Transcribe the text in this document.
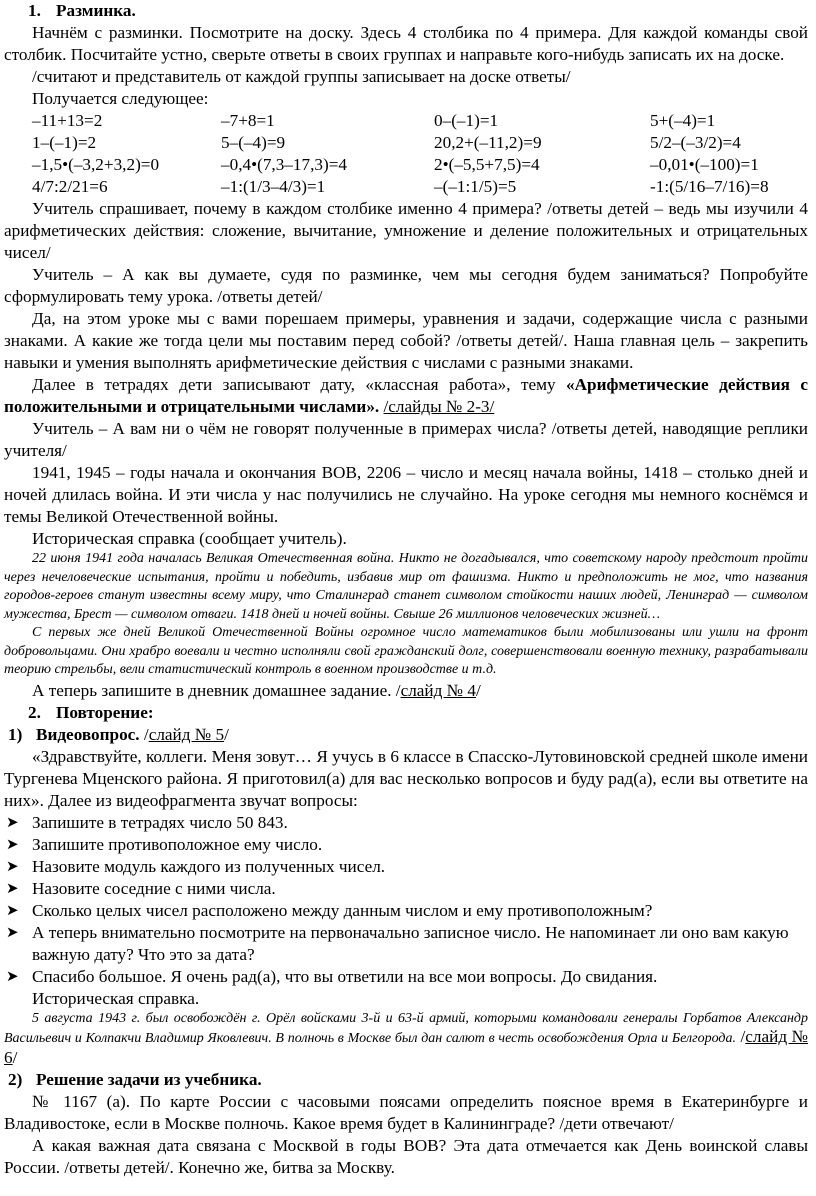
1. Разминка.

Начнём с разминки. Посмотрите на доску. Здесь 4 столбика по 4 примера. Для каждой команды свой столбик. Посчитайте устно, сверьте ответы в своих группах и направьте кого-нибудь записать их на доске.

/считают и представитель от каждой группы записывает на доске ответы/

Получается следующее:

–11+13=2	–7+8=1	0–(–1)=1	5+(–4)=1
1–(–1)=2	5–(–4)=9	20,2+(–11,2)=9	5/2–(–3/2)=4
–1,5•(–3,2+3,2)=0	–0,4•(7,3–17,3)=4	2•(–5,5+7,5)=4	–0,01•(–100)=1
4/7:2/21=6	–1:(1/3–4/3)=1	–(–1:1/5)=5	-1:(5/16–7/16)=8

Учитель спрашивает, почему в каждом столбике именно 4 примера? /ответы детей – ведь мы изучили 4 арифметических действия: сложение, вычитание, умножение и деление положительных и отрицательных чисел/

Учитель – А как вы думаете, судя по разминке, чем мы сегодня будем заниматься? Попробуйте сформулировать тему урока. /ответы детей/

Да, на этом уроке мы с вами порешаем примеры, уравнения и задачи, содержащие числа с разными знаками. А какие же тогда цели мы поставим перед собой? /ответы детей/. Наша главная цель – закрепить навыки и умения выполнять арифметические действия с числами с разными знаками.

Далее в тетрадях дети записывают дату, «классная работа», тему «Арифметические действия с положительными и отрицательными числами». /слайды № 2-3/

Учитель – А вам ни о чём не говорят полученные в примерах числа? /ответы детей, наводящие реплики учителя/

1941, 1945 – годы начала и окончания ВОВ, 2206 – число и месяц начала войны, 1418 – столько дней и ночей длилась война. И эти числа у нас получились не случайно. На уроке сегодня мы немного коснёмся и темы Великой Отечественной войны.

Историческая справка (сообщает учитель).

22 июня 1941 года началась Великая Отечественная война. Никто не догадывался, что советскому народу предстоит пройти через нечеловеческие испытания, пройти и победить, избавив мир от фашизма. Никто и предположить не мог, что названия городов-героев станут известны всему миру, что Сталинград станет символом стойкости наших людей, Ленинград — символом мужества, Брест — символом отваги. 1418 дней и ночей войны. Свыше 26 миллионов человеческих жизней…

С первых же дней Великой Отечественной Войны огромное число математиков были мобилизованы или ушли на фронт добровольцами. Они храбро воевали и честно исполняли свой гражданский долг, совершенствовали военную технику, разрабатывали теорию стрельбы, вели статистический контроль в военном производстве и т.д.

А теперь запишите в дневник домашнее задание. /слайд № 4/

2. Повторение:

1) Видеовопрос. /слайд № 5/

«Здравствуйте, коллеги. Меня зовут… Я учусь в 6 классе в Спасско-Лутовиновской средней школе имени Тургенева Мценского района. Я приготовил(а) для вас несколько вопросов и буду рад(а), если вы ответите на них». Далее из видеофрагмента звучат вопросы:

➤ Запишите в тетрадях число 50 843.
➤ Запишите противоположное ему число.
➤ Назовите модуль каждого из полученных чисел.
➤ Назовите соседние с ними числа.
➤ Сколько целых чисел расположено между данным числом и ему противоположным?
➤ А теперь внимательно посмотрите на первоначально записное число. Не напоминает ли оно вам какую важную дату? Что это за дата?
➤ Спасибо большое. Я очень рад(а), что вы ответили на все мои вопросы. До свидания.

Историческая справка.

5 августа 1943 г. был освобождён г. Орёл войсками 3-й и 63-й армий, которыми командовали генералы Горбатов Александр Васильевич и Колпакчи Владимир Яковлевич. В полночь в Москве был дан салют в честь освобождения Орла и Белгорода. /слайд № 6/

2) Решение задачи из учебника.

№ 1167 (а). По карте России с часовыми поясами определить поясное время в Екатеринбурге и Владивостоке, если в Москве полночь. Какое время будет в Калининграде? /дети отвечают/

А какая важная дата связана с Москвой в годы ВОВ? Эта дата отмечается как День воинской славы России. /ответы детей/. Конечно же, битва за Москву.
